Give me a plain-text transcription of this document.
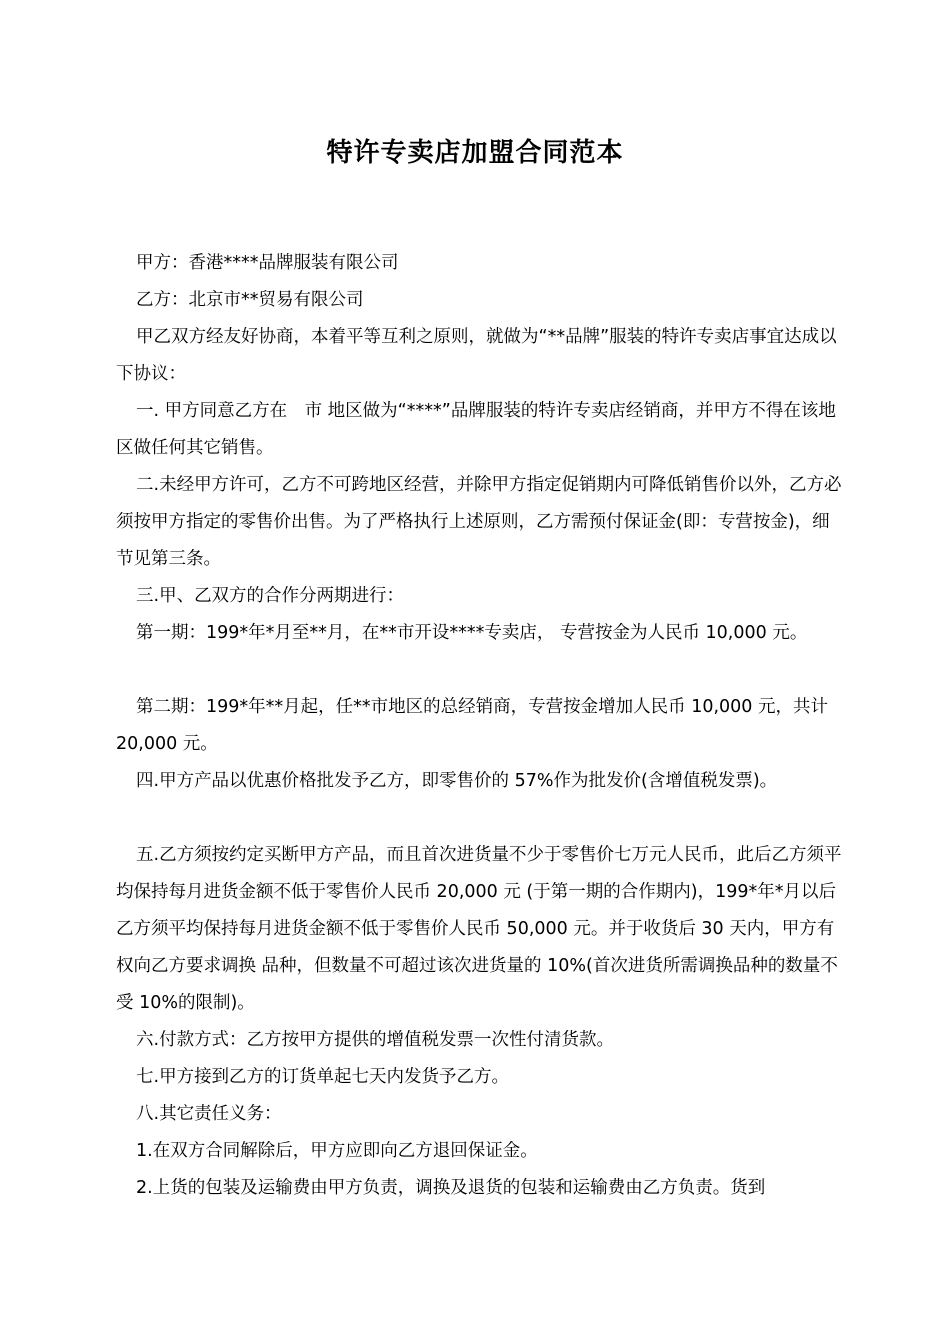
特许专卖店加盟合同范本

甲方：香港****品牌服装有限公司

乙方：北京市**贸易有限公司

甲乙双方经友好协商，本着平等互利之原则，就做为“**品牌”服装的特许专卖店事宜达成以下协议：

一. 甲方同意乙方在　市 地区做为“****”品牌服装的特许专卖店经销商，并甲方不得在该地区做任何其它销售。

二.未经甲方许可，乙方不可跨地区经营，并除甲方指定促销期内可降低销售价以外，乙方必须按甲方指定的零售价出售。为了严格执行上述原则，乙方需预付保证金(即：专营按金)，细节见第三条。

三.甲、乙双方的合作分两期进行：

第一期：199*年*月至**月，在**市开设****专卖店， 专营按金为人民币 10,000 元。

第二期：199*年**月起，任**市地区的总经销商，专营按金增加人民币 10,000 元，共计 20,000 元。

四.甲方产品以优惠价格批发予乙方，即零售价的 57%作为批发价(含增值税发票)。

五.乙方须按约定买断甲方产品，而且首次进货量不少于零售价七万元人民币，此后乙方须平均保持每月进货金额不低于零售价人民币 20,000 元 (于第一期的合作期内)，199*年*月以后乙方须平均保持每月进货金额不低于零售价人民币 50,000 元。并于收货后 30 天内，甲方有权向乙方要求调换 品种，但数量不可超过该次进货量的 10%(首次进货所需调换品种的数量不受 10%的限制)。

六.付款方式：乙方按甲方提供的增值税发票一次性付清货款。

七.甲方接到乙方的订货单起七天内发货予乙方。

八.其它责任义务：

1.在双方合同解除后，甲方应即向乙方退回保证金。

2.上货的包装及运输费由甲方负责，调换及退货的包装和运输费由乙方负责。货到
